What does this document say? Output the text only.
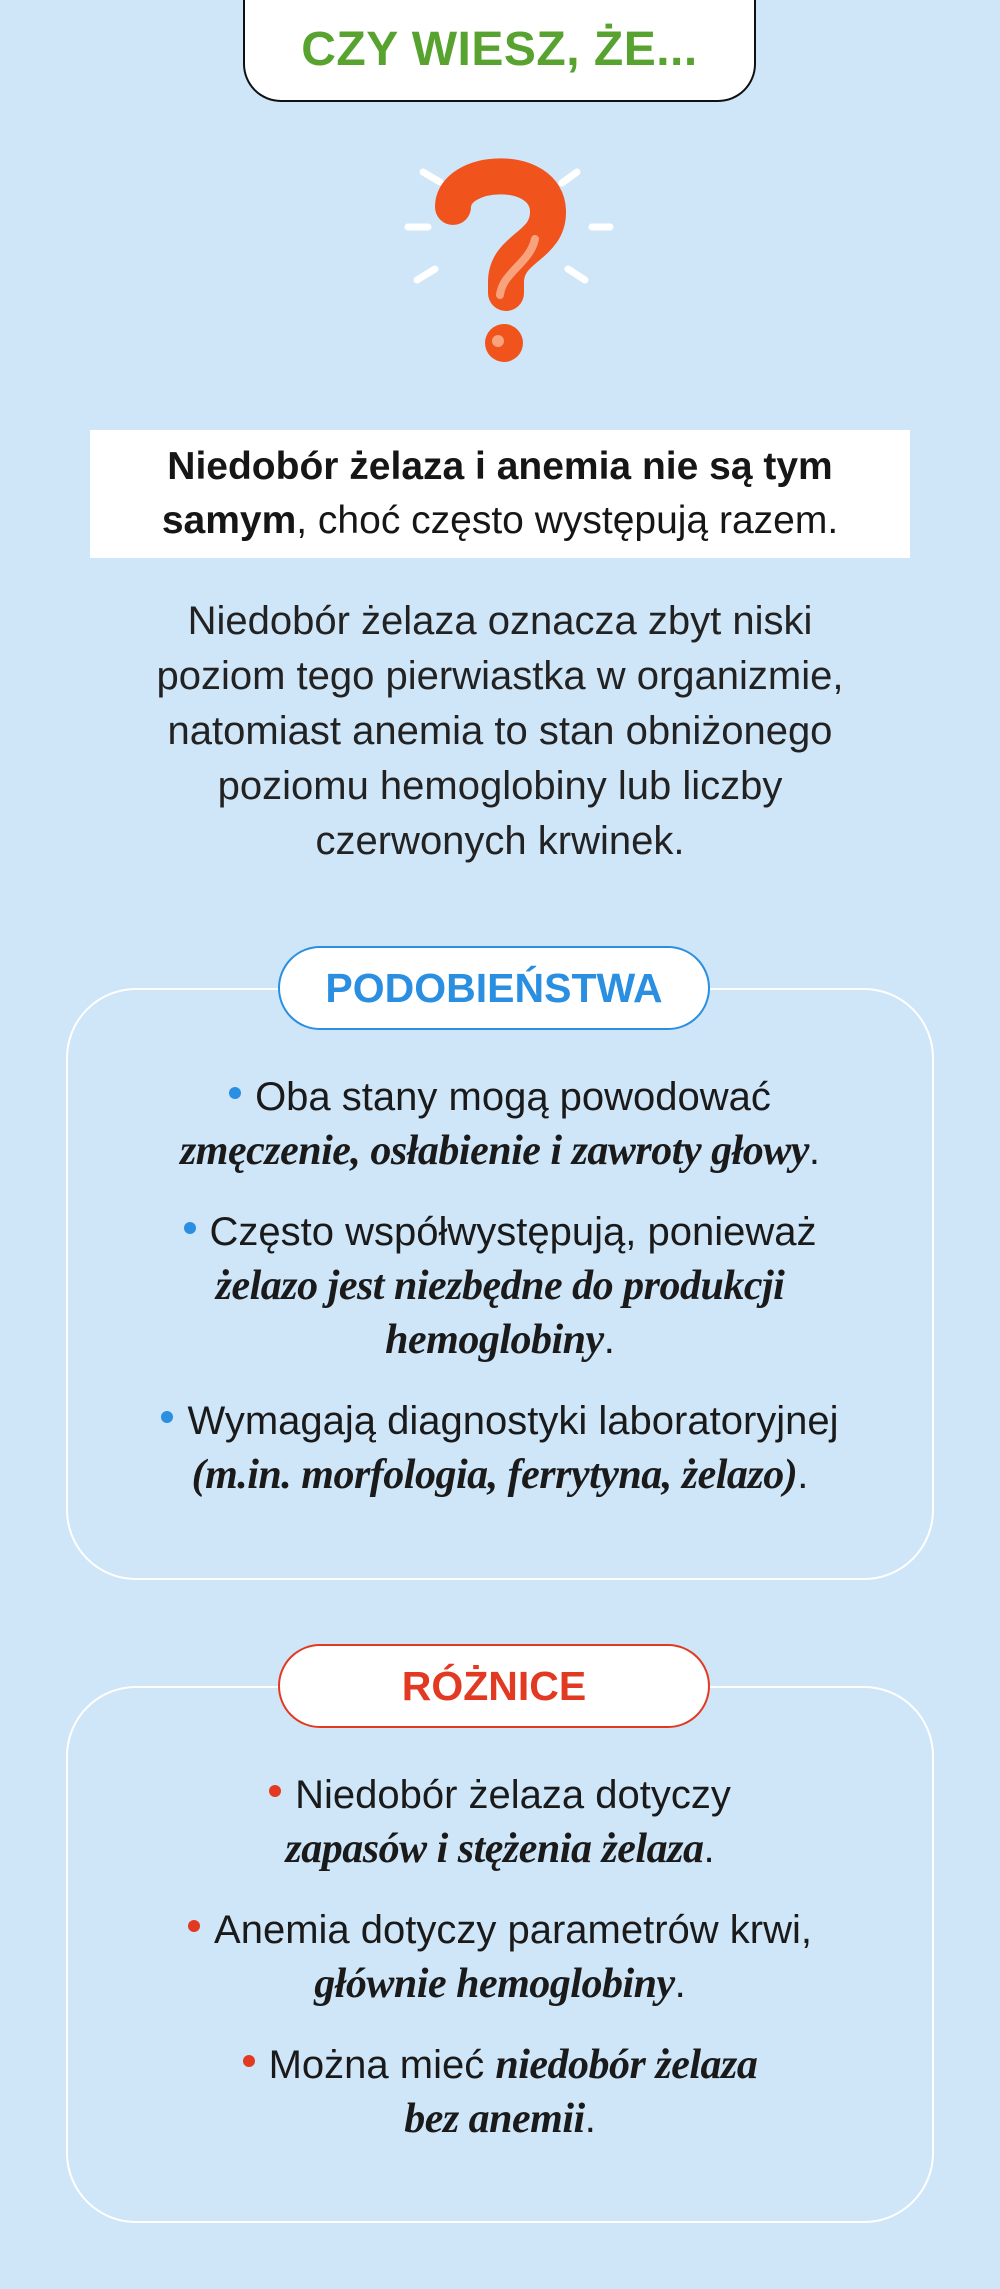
CZY WIESZ, ŻE...
Niedobór żelaza i anemia nie są tym samym, choć często występują razem.
Niedobór żelaza oznacza zbyt niski
poziom tego pierwiastka w organizmie,
natomiast anemia to stan obniżonego
poziomu hemoglobiny lub liczby
czerwonych krwinek.
PODOBIEŃSTWA
Oba stany mogą powodować
zmęczenie, osłabienie i zawroty głowy.
Często współwystępują, ponieważ
żelazo jest niezbędne do produkcji
hemoglobiny.
Wymagają diagnostyki laboratoryjnej
(m.in. morfologia, ferrytyna, żelazo).
RÓŻNICE
Niedobór żelaza dotyczy
zapasów i stężenia żelaza.
Anemia dotyczy parametrów krwi,
głównie hemoglobiny.
Można mieć niedobór żelaza
bez anemii.
